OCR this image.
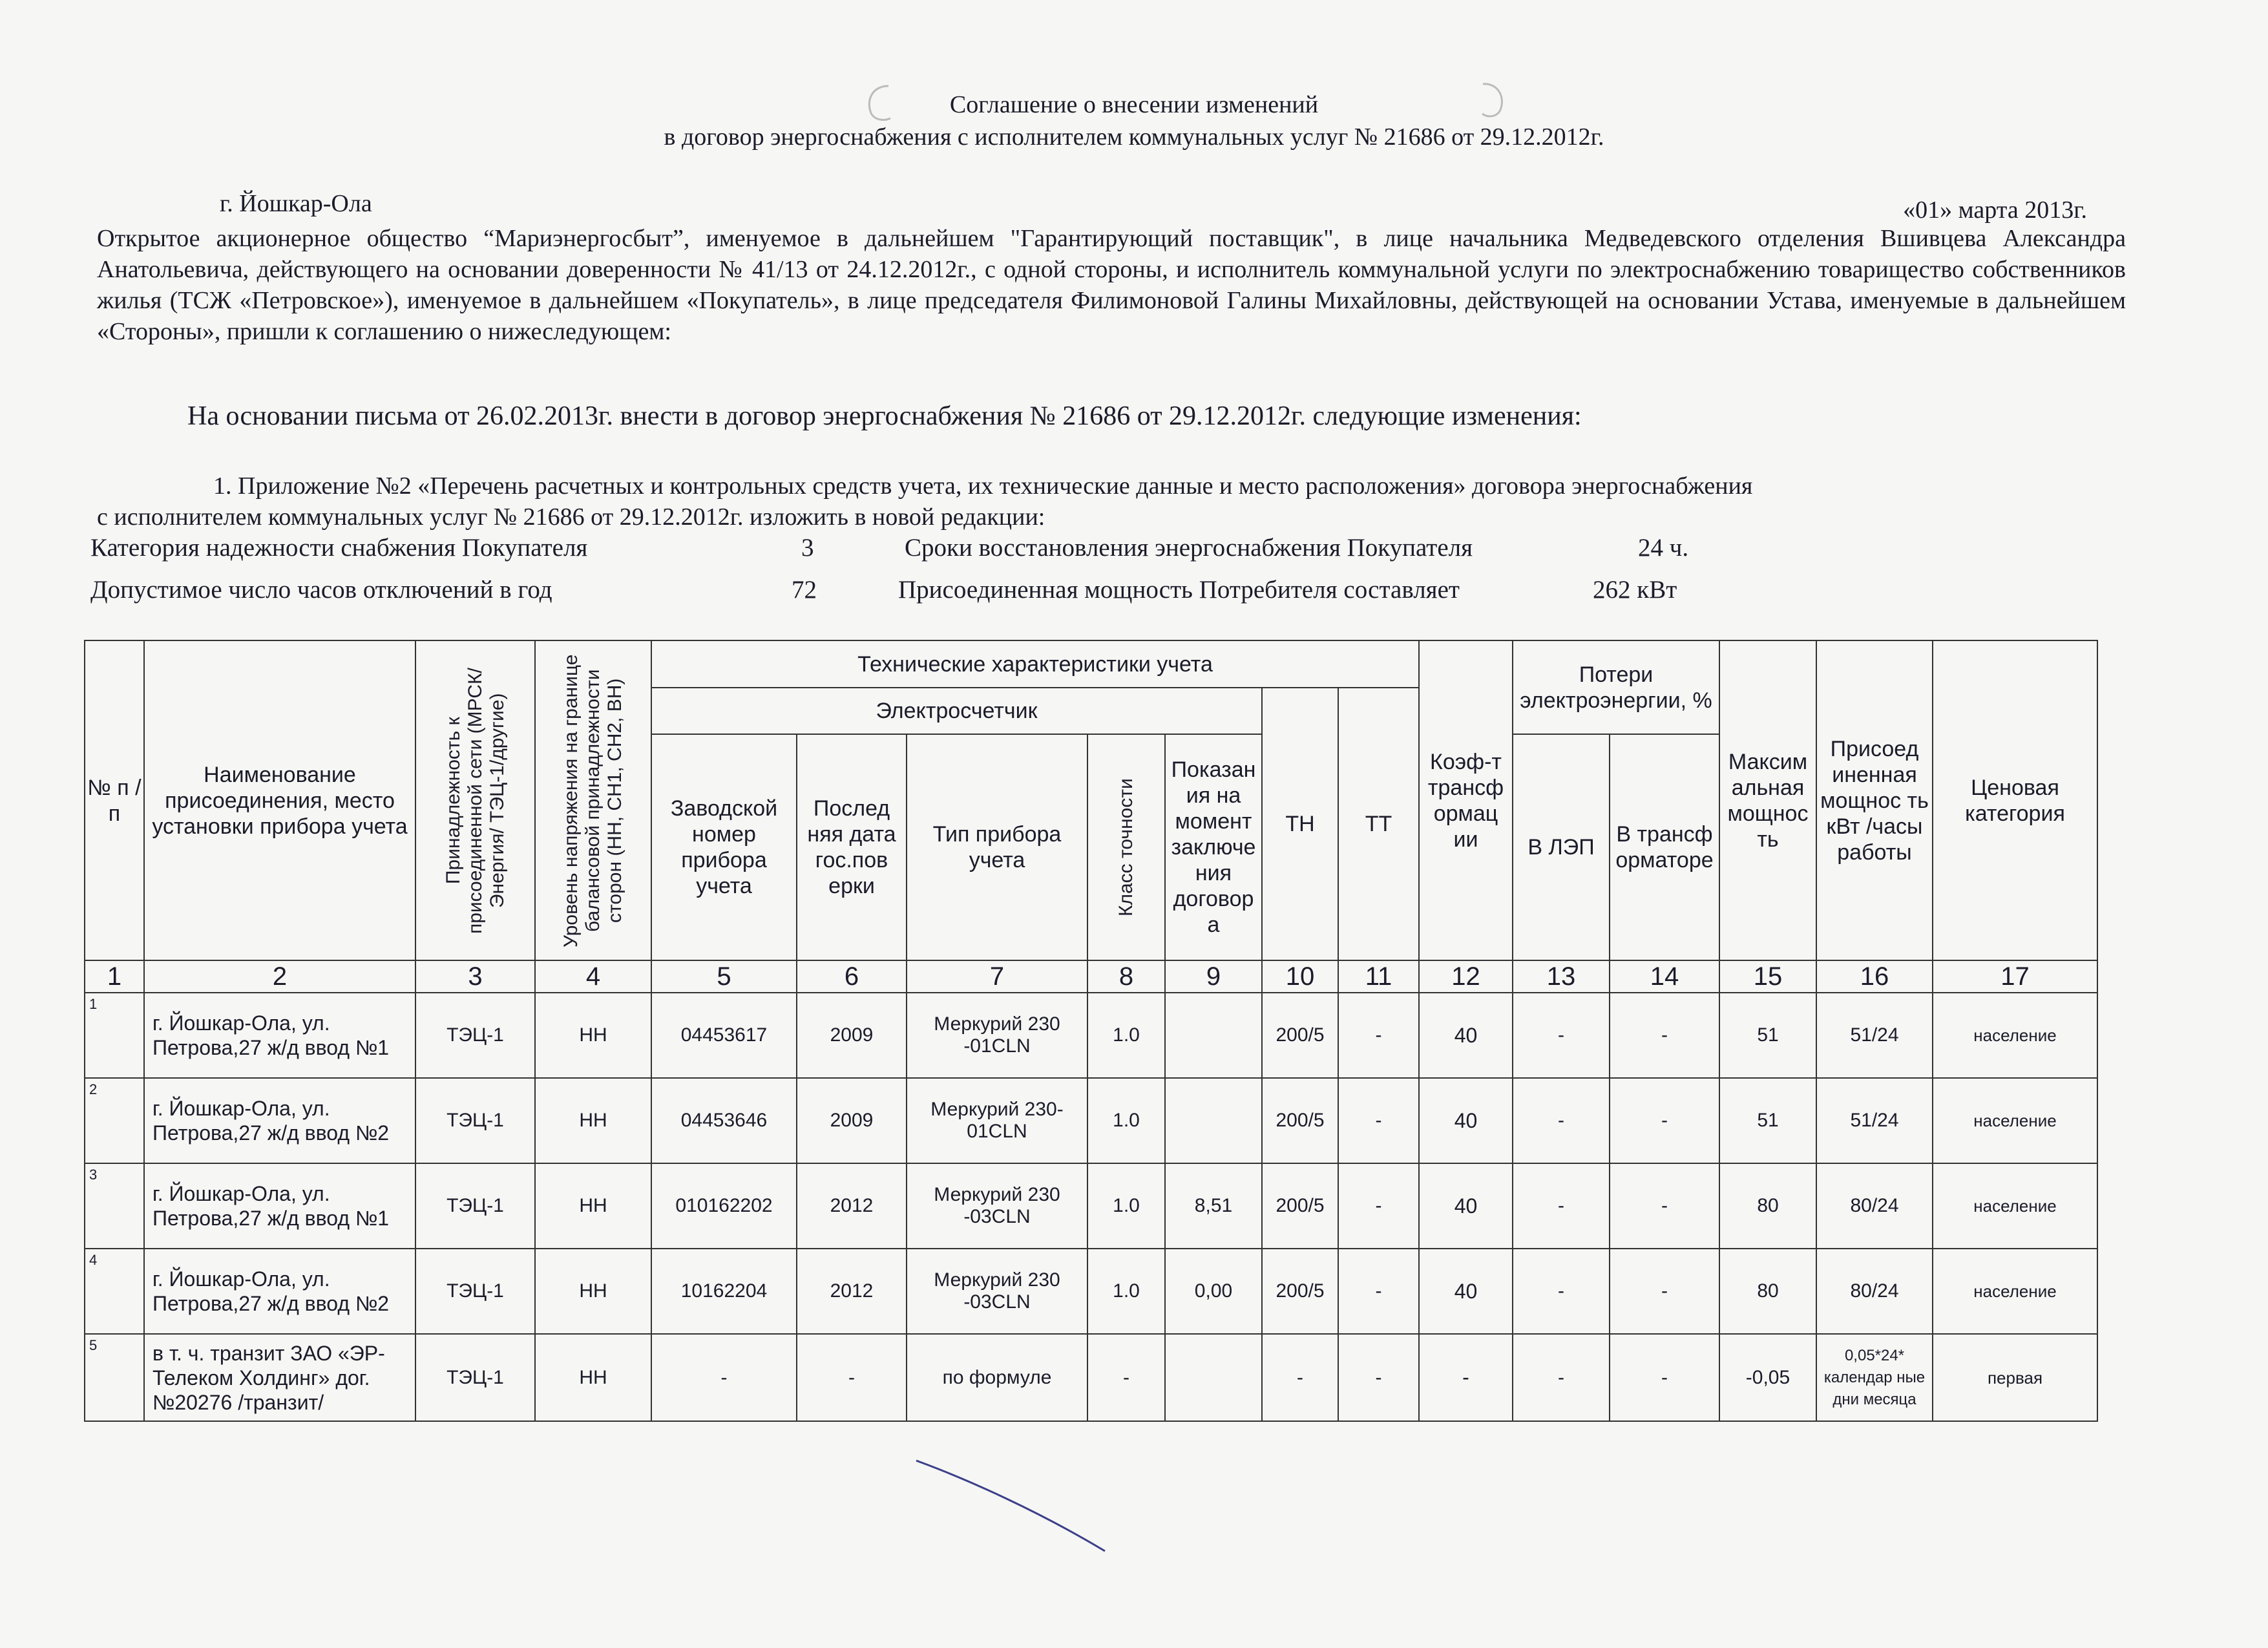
Соглашение о внесении изменений
в договор энергоснабжения с исполнителем коммунальных услуг № 21686 от 29.12.2012г.
г. Йошкар-Ола	«01» марта 2013г.
Открытое акционерное общество “Мариэнергосбыт”, именуемое в дальнейшем "Гарантирующий поставщик", в лице начальника Медведевского отделения Вшивцева Александра Анатольевича, действующего на основании доверенности № 41/13 от 24.12.2012г., с одной стороны, и исполнитель коммунальной услуги по электроснабжению товарищество собственников жилья (ТСЖ «Петровское»), именуемое в дальнейшем «Покупатель», в лице председателя Филимоновой Галины Михайловны, действующей на основании Устава, именуемые в дальнейшем «Стороны», пришли к соглашению о нижеследующем:
На основании письма от 26.02.2013г. внести в договор энергоснабжения № 21686 от 29.12.2012г. следующие изменения:
1. Приложение №2 «Перечень расчетных и контрольных средств учета, их технические данные и место расположения» договора энергоснабжения
с исполнителем коммунальных услуг № 21686 от 29.12.2012г. изложить в новой редакции:
Категория надежности снабжения Покупателя	3	Сроки восстановления энергоснабжения Покупателя	24 ч.
Допустимое число часов отключений в год	72	Присоединенная мощность Потребителя составляет	262 кВт
№ п / п	Наименование присоединения, место установки прибора учета	Принадлежность к присоединенной сети (МРСК/Энергия/ ТЭЦ-1/другие)	Уровень напряжения на границе балансовой принадлежности сторон (НН, СН1, СН2, ВН)	Технические характеристики учета							Коэф-т трансф ормац ии	Потери электроэнергии, %		Максим альная мощнос ть	Присоед иненная мощнос ть кВт /часы работы	Ценовая категория
				Электросчетчик					ТН	ТТ						
				Заводской номер прибора учета	Послед няя дата гос.пов ерки	Тип прибора учета	Класс точности	Показан ия на момент заключе ния договор а				В ЛЭП	В трансф орматоре			
1	2	3	4	5	6	7	8	9	10	11	12	13	14	15	16	17
1	г. Йошкар-Ола, ул. Петрова,27 ж/д ввод №1	ТЭЦ-1	НН	04453617	2009	Меркурий 230 -01CLN	1.0		200/5	-	40	-	-	51	51/24	население
2	г. Йошкар-Ола, ул. Петрова,27 ж/д ввод №2	ТЭЦ-1	НН	04453646	2009	Меркурий 230-01CLN	1.0		200/5	-	40	-	-	51	51/24	население
3	г. Йошкар-Ола, ул. Петрова,27 ж/д ввод №1	ТЭЦ-1	НН	010162202	2012	Меркурий 230 -03CLN	1.0	8,51	200/5	-	40	-	-	80	80/24	население
4	г. Йошкар-Ола, ул. Петрова,27 ж/д ввод №2	ТЭЦ-1	НН	10162204	2012	Меркурий 230 -03CLN	1.0	0,00	200/5	-	40	-	-	80	80/24	население
5	в т. ч. транзит ЗАО «ЭР-Телеком Холдинг» дог. №20276 /транзит/	ТЭЦ-1	НН	-	-	по формуле	-		-	-	-	-	-	-0,05	0,05*24* календар ные дни месяца	первая
